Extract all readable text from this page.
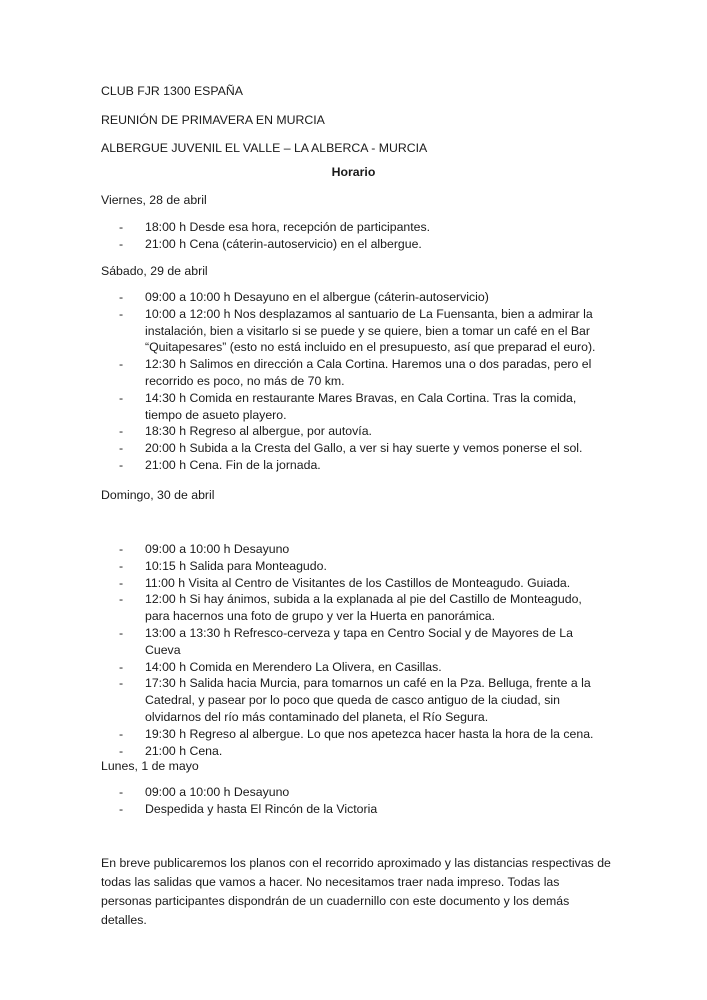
CLUB FJR 1300 ESPAÑA
REUNIÓN DE PRIMAVERA EN MURCIA
ALBERGUE JUVENIL EL VALLE – LA ALBERCA - MURCIA
Horario
Viernes, 28 de abril
- 18:00 h Desde esa hora, recepción de participantes.
- 21:00 h Cena (cáterin-autoservicio) en el albergue.
Sábado, 29 de abril
- 09:00 a 10:00 h Desayuno en el albergue (cáterin-autoservicio)
- 10:00 a 12:00 h Nos desplazamos al santuario de La Fuensanta, bien a admirar la instalación, bien a visitarlo si se puede y se quiere, bien a tomar un café en el Bar “Quitapesares” (esto no está incluido en el presupuesto, así que preparad el euro).
- 12:30 h Salimos en dirección a Cala Cortina. Haremos una o dos paradas, pero el recorrido es poco, no más de 70 km.
- 14:30 h Comida en restaurante Mares Bravas, en Cala Cortina. Tras la comida, tiempo de asueto playero.
- 18:30 h Regreso al albergue, por autovía.
- 20:00 h Subida a la Cresta del Gallo, a ver si hay suerte y vemos ponerse el sol.
- 21:00 h Cena. Fin de la jornada.
Domingo, 30 de abril
- 09:00 a 10:00 h Desayuno
- 10:15 h Salida para Monteagudo.
- 11:00 h Visita al Centro de Visitantes de los Castillos de Monteagudo. Guiada.
- 12:00 h Si hay ánimos, subida a la explanada al pie del Castillo de Monteagudo, para hacernos una foto de grupo y ver la Huerta en panorámica.
- 13:00 a 13:30 h Refresco-cerveza y tapa en Centro Social y de Mayores de La Cueva
- 14:00 h Comida en Merendero La Olivera, en Casillas.
- 17:30 h Salida hacia Murcia, para tomarnos un café en la Pza. Belluga, frente a la Catedral, y pasear por lo poco que queda de casco antiguo de la ciudad, sin olvidarnos del río más contaminado del planeta, el Río Segura.
- 19:30 h Regreso al albergue. Lo que nos apetezca hacer hasta la hora de la cena.
- 21:00 h Cena.
Lunes, 1 de mayo
- 09:00 a 10:00 h Desayuno
- Despedida y hasta El Rincón de la Victoria
En breve publicaremos los planos con el recorrido aproximado y las distancias respectivas de todas las salidas que vamos a hacer. No necesitamos traer nada impreso. Todas las personas participantes dispondrán de un cuadernillo con este documento y los demás detalles.
